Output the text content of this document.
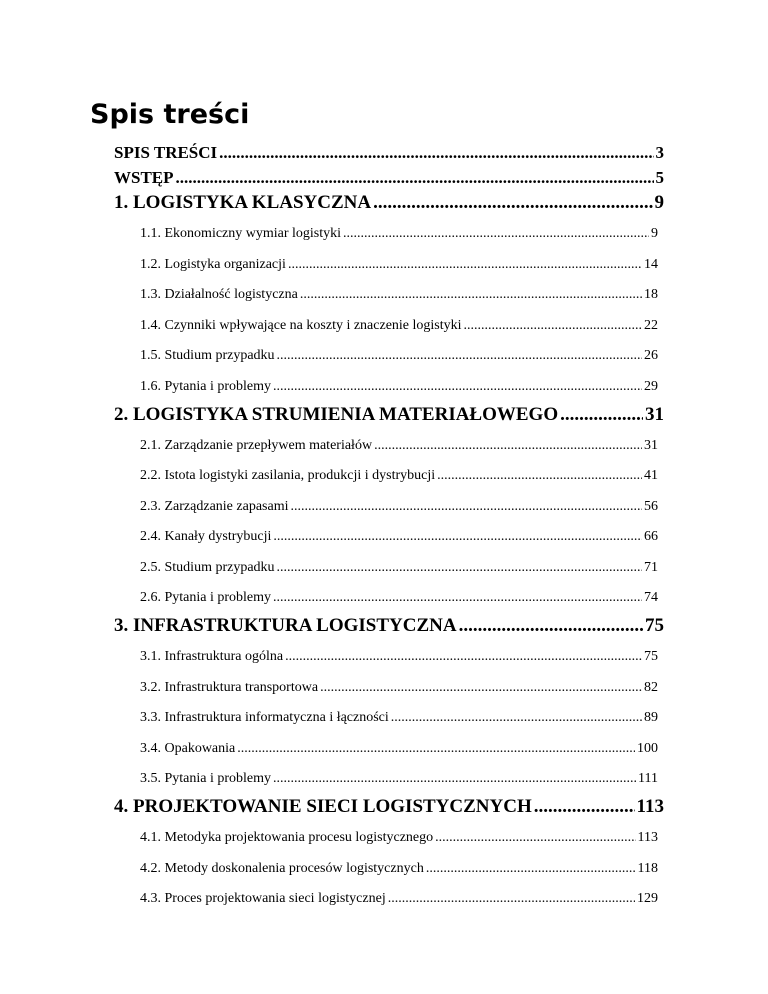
Spis treści
SPIS TREŚCI .....	3
WSTĘP .....	5
1. LOGISTYKA KLASYCZNA .....	9
1.1. Ekonomiczny wymiar logistyki .....	9
1.2. Logistyka organizacji .....	14
1.3. Działalność logistyczna .....	18
1.4. Czynniki wpływające na koszty i znaczenie logistyki .....	22
1.5. Studium przypadku .....	26
1.6. Pytania i problemy .....	29
2. LOGISTYKA STRUMIENIA MATERIAŁOWEGO .....	31
2.1. Zarządzanie przepływem materiałów .....	31
2.2. Istota logistyki zasilania, produkcji i dystrybucji .....	41
2.3. Zarządzanie zapasami .....	56
2.4. Kanały dystrybucji .....	66
2.5. Studium przypadku .....	71
2.6. Pytania i problemy .....	74
3. INFRASTRUKTURA LOGISTYCZNA .....	75
3.1. Infrastruktura ogólna .....	75
3.2. Infrastruktura transportowa .....	82
3.3. Infrastruktura informatyczna i łączności .....	89
3.4. Opakowania .....	100
3.5. Pytania i problemy .....	111
4. PROJEKTOWANIE SIECI LOGISTYCZNYCH .....	113
4.1. Metodyka projektowania procesu logistycznego .....	113
4.2. Metody doskonalenia procesów logistycznych .....	118
4.3. Proces projektowania sieci logistycznej .....	129
